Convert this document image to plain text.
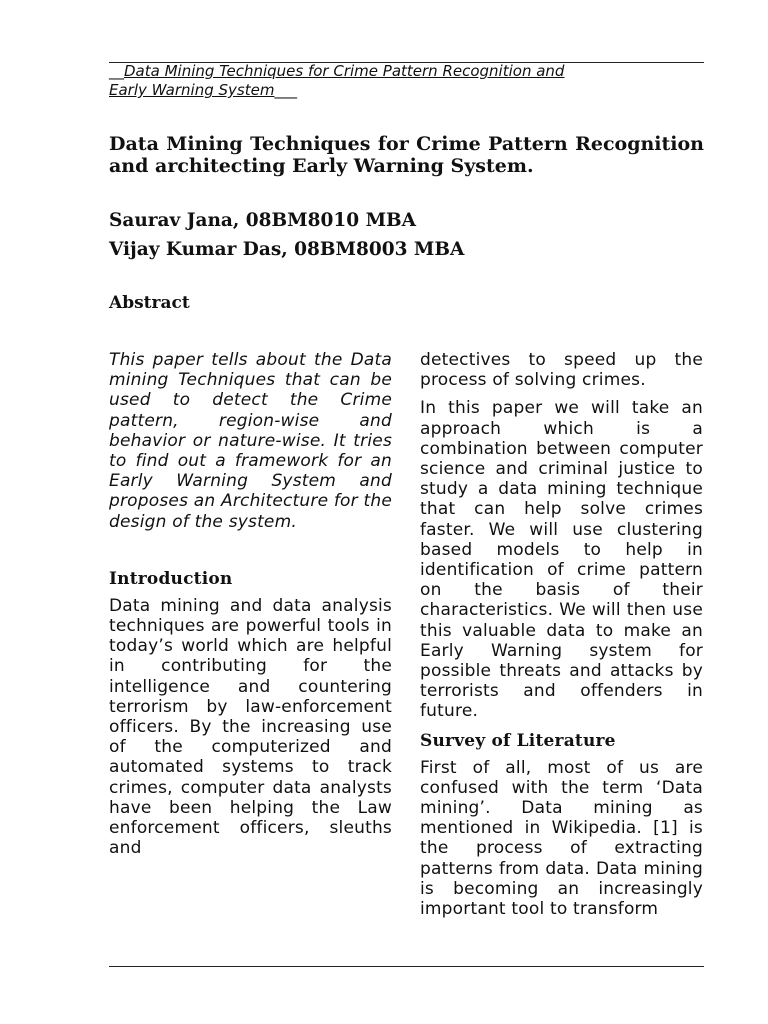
__Data Mining Techniques for Crime Pattern Recognition and
Early Warning System___
Data Mining Techniques for Crime Pattern Recognition and architecting Early Warning System.
Saurav Jana, 08BM8010 MBA
Vijay Kumar Das, 08BM8003 MBA
Abstract

This paper tells about the Data mining Techniques that can be used to detect the Crime pattern, region-wise and behavior or nature-wise. It tries to find out a framework for an Early Warning System and proposes an Architecture for the design of the system.

Introduction

Data mining and data analysis techniques are powerful tools in today’s world which are helpful in contributing for the intelligence and countering terrorism by law-enforcement officers. By the increasing use of the computerized and automated systems to track crimes, computer data analysts have been helping the Law enforcement officers, sleuths and

detectives to speed up the process of solving crimes.

In this paper we will take an approach which is a combination between computer science and criminal justice to study a data mining technique that can help solve crimes faster. We will use clustering based models to help in identification of crime pattern on the basis of their characteristics. We will then use this valuable data to make an Early Warning system for possible threats and attacks by terrorists and offenders in future.

Survey of Literature

First of all, most of us are confused with the term ‘Data mining’. Data mining as mentioned in Wikipedia. [1] is the process of extracting patterns from data. Data mining is becoming an increasingly important tool to transform
